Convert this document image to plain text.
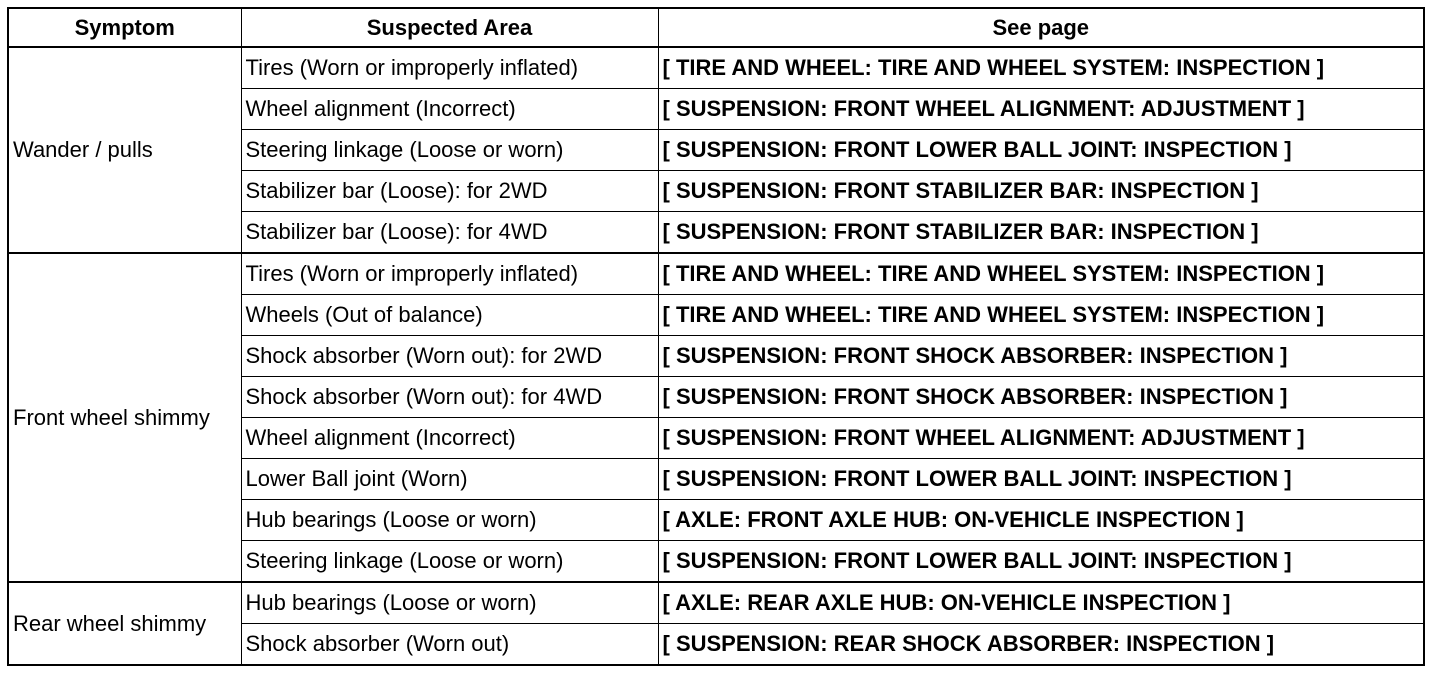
Symptom	Suspected Area	See page
Wander / pulls	Tires (Worn or improperly inflated)	[ TIRE AND WHEEL: TIRE AND WHEEL SYSTEM: INSPECTION ]
	Wheel alignment (Incorrect)	[ SUSPENSION: FRONT WHEEL ALIGNMENT: ADJUSTMENT ]
	Steering linkage (Loose or worn)	[ SUSPENSION: FRONT LOWER BALL JOINT: INSPECTION ]
	Stabilizer bar (Loose): for 2WD	[ SUSPENSION: FRONT STABILIZER BAR: INSPECTION ]
	Stabilizer bar (Loose): for 4WD	[ SUSPENSION: FRONT STABILIZER BAR: INSPECTION ]
Front wheel shimmy	Tires (Worn or improperly inflated)	[ TIRE AND WHEEL: TIRE AND WHEEL SYSTEM: INSPECTION ]
	Wheels (Out of balance)	[ TIRE AND WHEEL: TIRE AND WHEEL SYSTEM: INSPECTION ]
	Shock absorber (Worn out): for 2WD	[ SUSPENSION: FRONT SHOCK ABSORBER: INSPECTION ]
	Shock absorber (Worn out): for 4WD	[ SUSPENSION: FRONT SHOCK ABSORBER: INSPECTION ]
	Wheel alignment (Incorrect)	[ SUSPENSION: FRONT WHEEL ALIGNMENT: ADJUSTMENT ]
	Lower Ball joint (Worn)	[ SUSPENSION: FRONT LOWER BALL JOINT: INSPECTION ]
	Hub bearings (Loose or worn)	[ AXLE: FRONT AXLE HUB: ON-VEHICLE INSPECTION ]
	Steering linkage (Loose or worn)	[ SUSPENSION: FRONT LOWER BALL JOINT: INSPECTION ]
Rear wheel shimmy	Hub bearings (Loose or worn)	[ AXLE: REAR AXLE HUB: ON-VEHICLE INSPECTION ]
	Shock absorber (Worn out)	[ SUSPENSION: REAR SHOCK ABSORBER: INSPECTION ]
